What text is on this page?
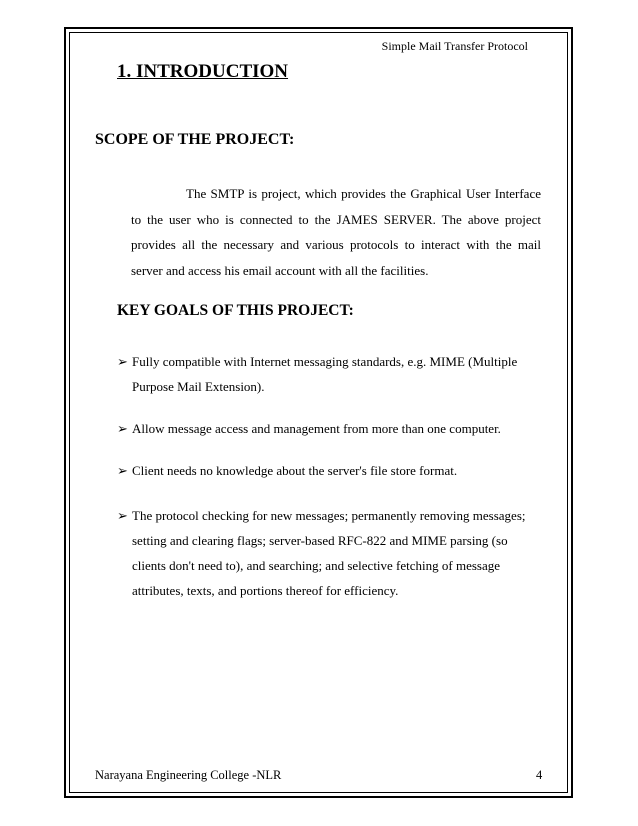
Simple Mail Transfer Protocol
1. INTRODUCTION
SCOPE OF THE PROJECT:

The SMTP is project, which provides the Graphical User Interface to the user who is connected to the JAMES SERVER. The above project provides all the necessary and various protocols to interact with the mail server and access his email account with all the facilities.

KEY GOALS OF THIS PROJECT:
➢ Fully compatible with Internet messaging standards, e.g. MIME (Multiple Purpose Mail Extension).
➢ Allow message access and management from more than one computer.
➢ Client needs no knowledge about the server's file store format.
➢ The protocol checking for new messages; permanently removing messages; setting and clearing flags; server-based RFC-822 and MIME parsing (so clients don't need to), and searching; and selective fetching of message attributes, texts, and portions thereof for efficiency.
Narayana Engineering College -NLR	4
